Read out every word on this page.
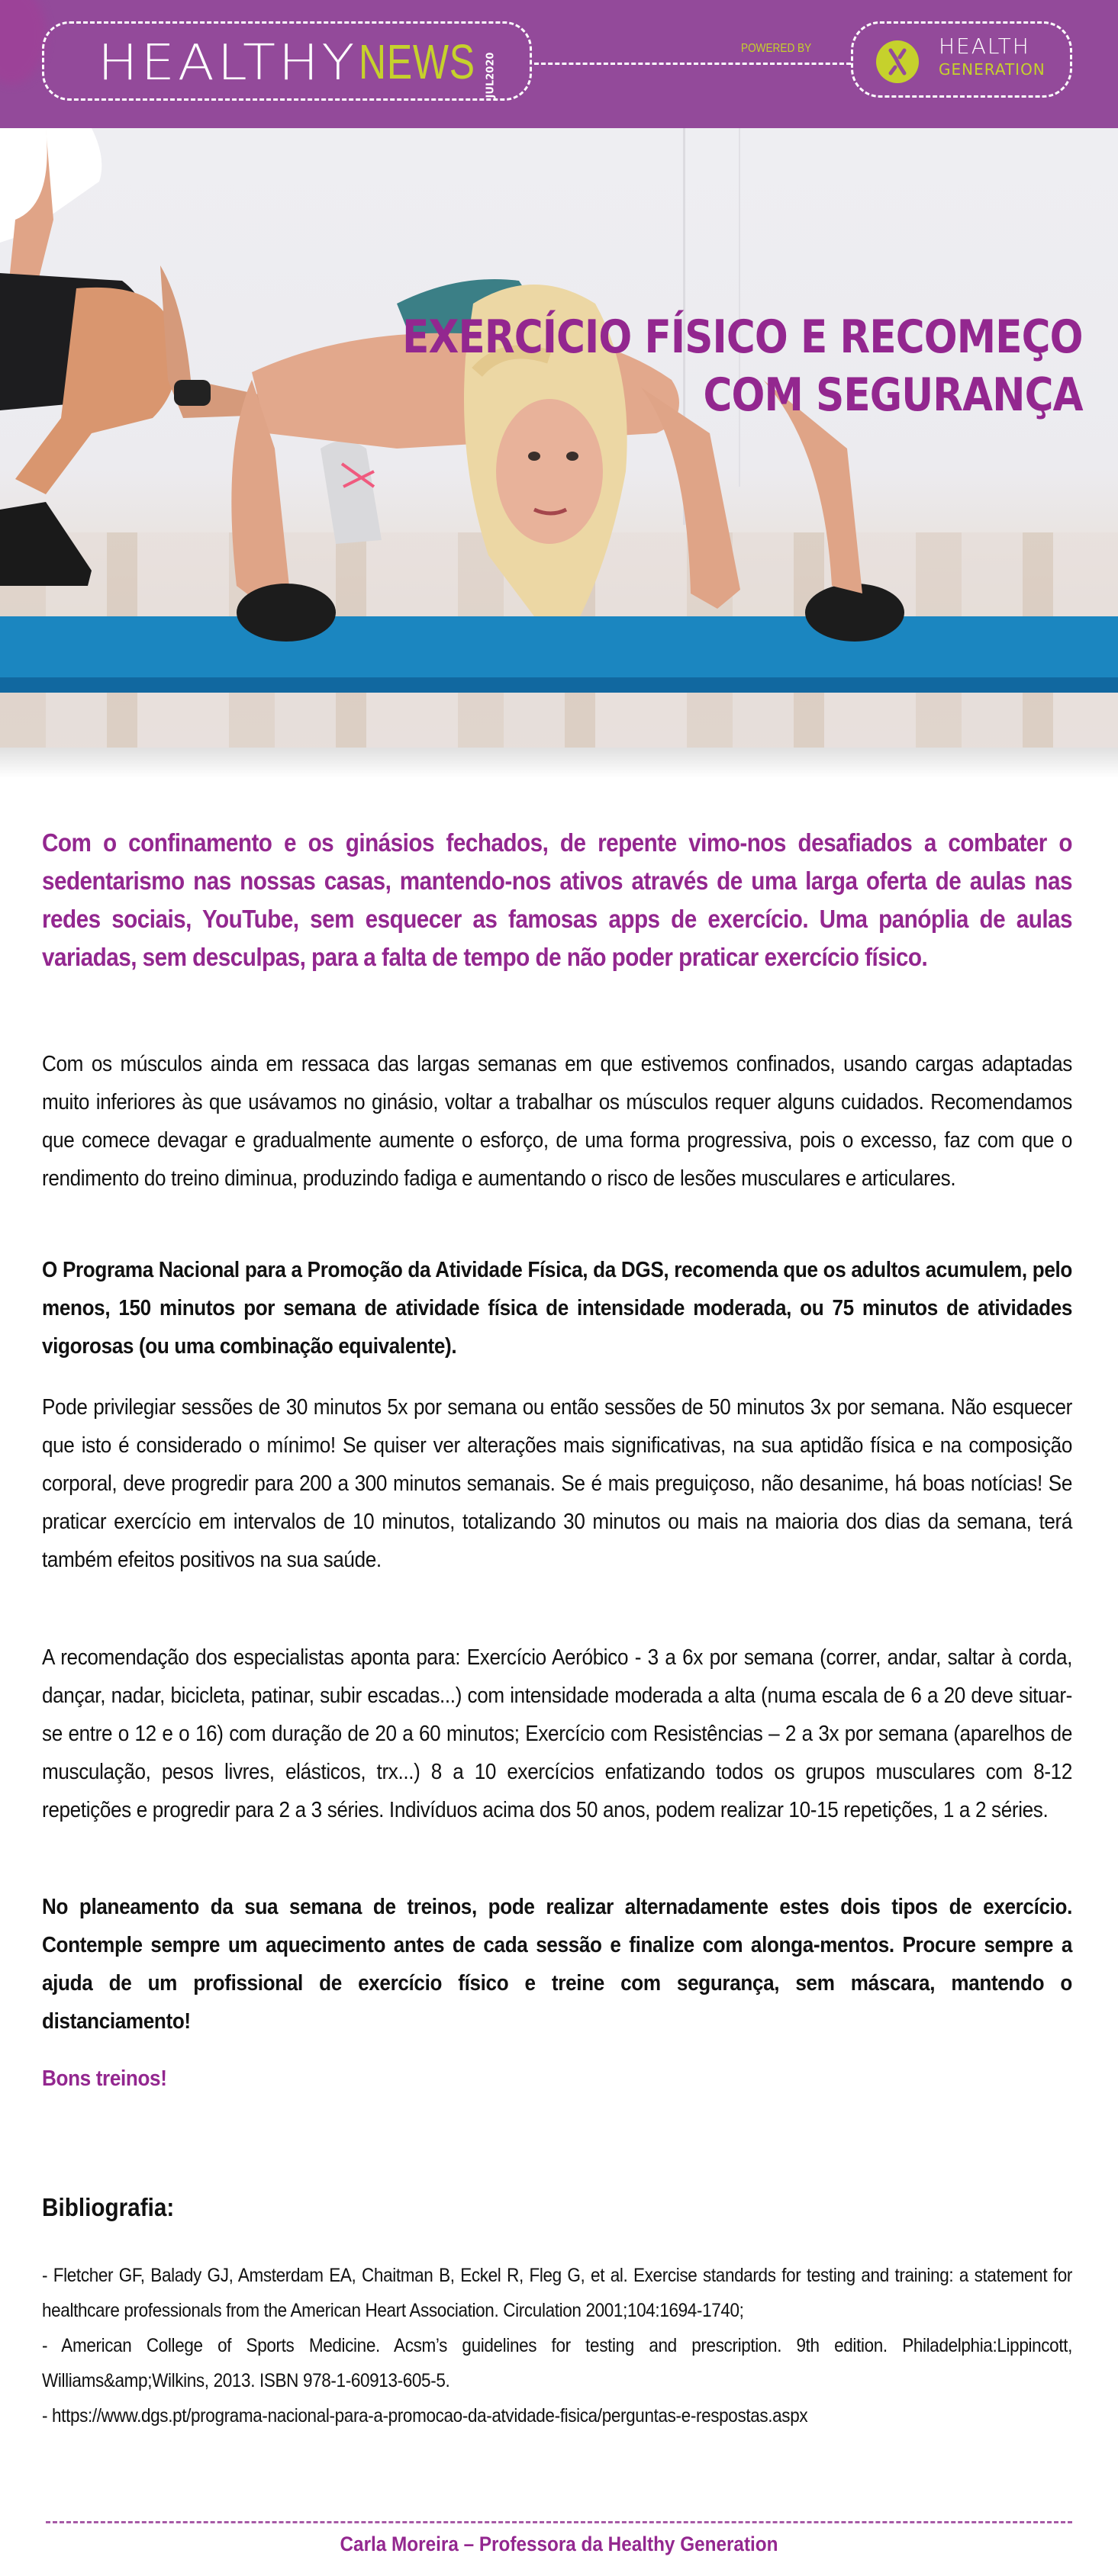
HEALTHY NEWS JUL2020
POWERED BY	HEALTH
GENERATION
EXERCÍCIO FÍSICO E RECOMEÇO
COM SEGURANÇA

Com o confinamento e os ginásios fechados, de repente vimo-nos desafiados a combater o sedentarismo nas nossas casas, mantendo-nos ativos através de uma larga oferta de aulas nas redes sociais, YouTube, sem esquecer as famosas apps de exercício. Uma panóplia de aulas variadas, sem desculpas, para a falta de tempo de não poder praticar exercício físico.

Com os músculos ainda em ressaca das largas semanas em que estivemos confinados, usando cargas adaptadas muito inferiores às que usávamos no ginásio, voltar a trabalhar os músculos requer alguns cuidados. Recomendamos que comece devagar e gradualmente aumente o esforço, de uma forma progressiva, pois o excesso, faz com que o rendimento do treino diminua, produzindo fadiga e aumentando o risco de lesões musculares e articulares.

O Programa Nacional para a Promoção da Atividade Física, da DGS, recomenda que os adultos acumulem, pelo menos, 150 minutos por semana de atividade física de intensidade moderada, ou 75 minutos de atividades vigorosas (ou uma combinação equivalente).

Pode privilegiar sessões de 30 minutos 5x por semana ou então sessões de 50 minutos 3x por semana. Não esquecer que isto é considerado o mínimo! Se quiser ver alterações mais significativas, na sua aptidão física e na composição corporal, deve progredir para 200 a 300 minutos semanais. Se é mais preguiçoso, não desanime, há boas notícias! Se praticar exercício em intervalos de 10 minutos, totalizando 30 minutos ou mais na maioria dos dias da semana, terá também efeitos positivos na sua saúde.

A recomendação dos especialistas aponta para: Exercício Aeróbico - 3 a 6x por semana (correr, andar, saltar à corda, dançar, nadar, bicicleta, patinar, subir escadas...) com intensidade moderada a alta (numa escala de 6 a 20 deve situar-se entre o 12 e o 16) com duração de 20 a 60 minutos; Exercício com Resistências – 2 a 3x por semana (aparelhos de musculação, pesos livres, elásticos, trx...) 8 a 10 exercícios enfatizando todos os grupos musculares com 8-12 repetições e progredir para 2 a 3 séries. Indivíduos acima dos 50 anos, podem realizar 10-15 repetições, 1 a 2 séries.

No planeamento da sua semana de treinos, pode realizar alternadamente estes dois tipos de exercício. Contemple sempre um aquecimento antes de cada sessão e finalize com alonga-mentos. Procure sempre a ajuda de um profissional de exercício físico e treine com segurança, sem máscara, mantendo o distanciamento!

Bons treinos!

Bibliografia:

- Fletcher GF, Balady GJ, Amsterdam EA, Chaitman B, Eckel R, Fleg G, et al. Exercise standards for testing and training: a statement for healthcare professionals from the American Heart Association. Circulation 2001;104:1694-1740;

- American College of Sports Medicine. Acsm’s guidelines for testing and prescription. 9th edition. Philadelphia:Lippincott, Williams&amp;Wilkins, 2013. ISBN 978-1-60913-605-5.

- https://www.dgs.pt/programa-nacional-para-a-promocao-da-atvidade-fisica/perguntas-e-respostas.aspx

Carla Moreira – Professora da Healthy Generation
